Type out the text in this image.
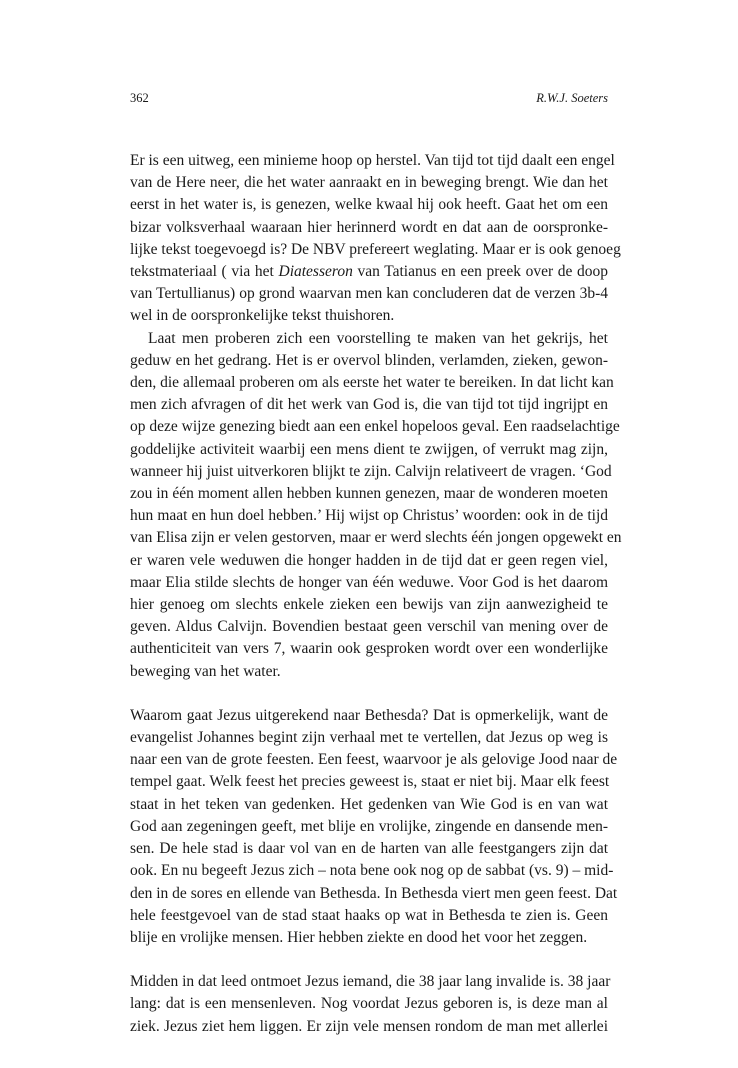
362	R.W.J. Soeters

Er is een uitweg, een minieme hoop op herstel. Van tijd tot tijd daalt een engel
van de Here neer, die het water aanraakt en in beweging brengt. Wie dan het
eerst in het water is, is genezen, welke kwaal hij ook heeft. Gaat het om een
bizar volksverhaal waaraan hier herinnerd wordt en dat aan de oorspronke-
lijke tekst toegevoegd is? De NBV prefereert weglating. Maar er is ook genoeg
tekstmateriaal ( via het Diatesseron van Tatianus en een preek over de doop
van Tertullianus) op grond waarvan men kan concluderen dat de verzen 3b-4
wel in de oorspronkelijke tekst thuishoren.

Laat men proberen zich een voorstelling te maken van het gekrijs, het
geduw en het gedrang. Het is er overvol blinden, verlamden, zieken, gewon-
den, die allemaal proberen om als eerste het water te bereiken. In dat licht kan
men zich afvragen of dit het werk van God is, die van tijd tot tijd ingrijpt en
op deze wijze genezing biedt aan een enkel hopeloos geval. Een raadselachtige
goddelijke activiteit waarbij een mens dient te zwijgen, of verrukt mag zijn,
wanneer hij juist uitverkoren blijkt te zijn. Calvijn relativeert de vragen. ‘God
zou in één moment allen hebben kunnen genezen, maar de wonderen moeten
hun maat en hun doel hebben.’ Hij wijst op Christus’ woorden: ook in de tijd
van Elisa zijn er velen gestorven, maar er werd slechts één jongen opgewekt en
er waren vele weduwen die honger hadden in de tijd dat er geen regen viel,
maar Elia stilde slechts de honger van één weduwe. Voor God is het daarom
hier genoeg om slechts enkele zieken een bewijs van zijn aanwezigheid te
geven. Aldus Calvijn. Bovendien bestaat geen verschil van mening over de
authenticiteit van vers 7, waarin ook gesproken wordt over een wonderlijke
beweging van het water.

Waarom gaat Jezus uitgerekend naar Bethesda? Dat is opmerkelijk, want de
evangelist Johannes begint zijn verhaal met te vertellen, dat Jezus op weg is
naar een van de grote feesten. Een feest, waarvoor je als gelovige Jood naar de
tempel gaat. Welk feest het precies geweest is, staat er niet bij. Maar elk feest
staat in het teken van gedenken. Het gedenken van Wie God is en van wat
God aan zegeningen geeft, met blije en vrolijke, zingende en dansende men-
sen. De hele stad is daar vol van en de harten van alle feestgangers zijn dat
ook. En nu begeeft Jezus zich – nota bene ook nog op de sabbat (vs. 9) – mid-
den in de sores en ellende van Bethesda. In Bethesda viert men geen feest. Dat
hele feestgevoel van de stad staat haaks op wat in Bethesda te zien is. Geen
blije en vrolijke mensen. Hier hebben ziekte en dood het voor het zeggen.

Midden in dat leed ontmoet Jezus iemand, die 38 jaar lang invalide is. 38 jaar
lang: dat is een mensenleven. Nog voordat Jezus geboren is, is deze man al
ziek. Jezus ziet hem liggen. Er zijn vele mensen rondom de man met allerlei
